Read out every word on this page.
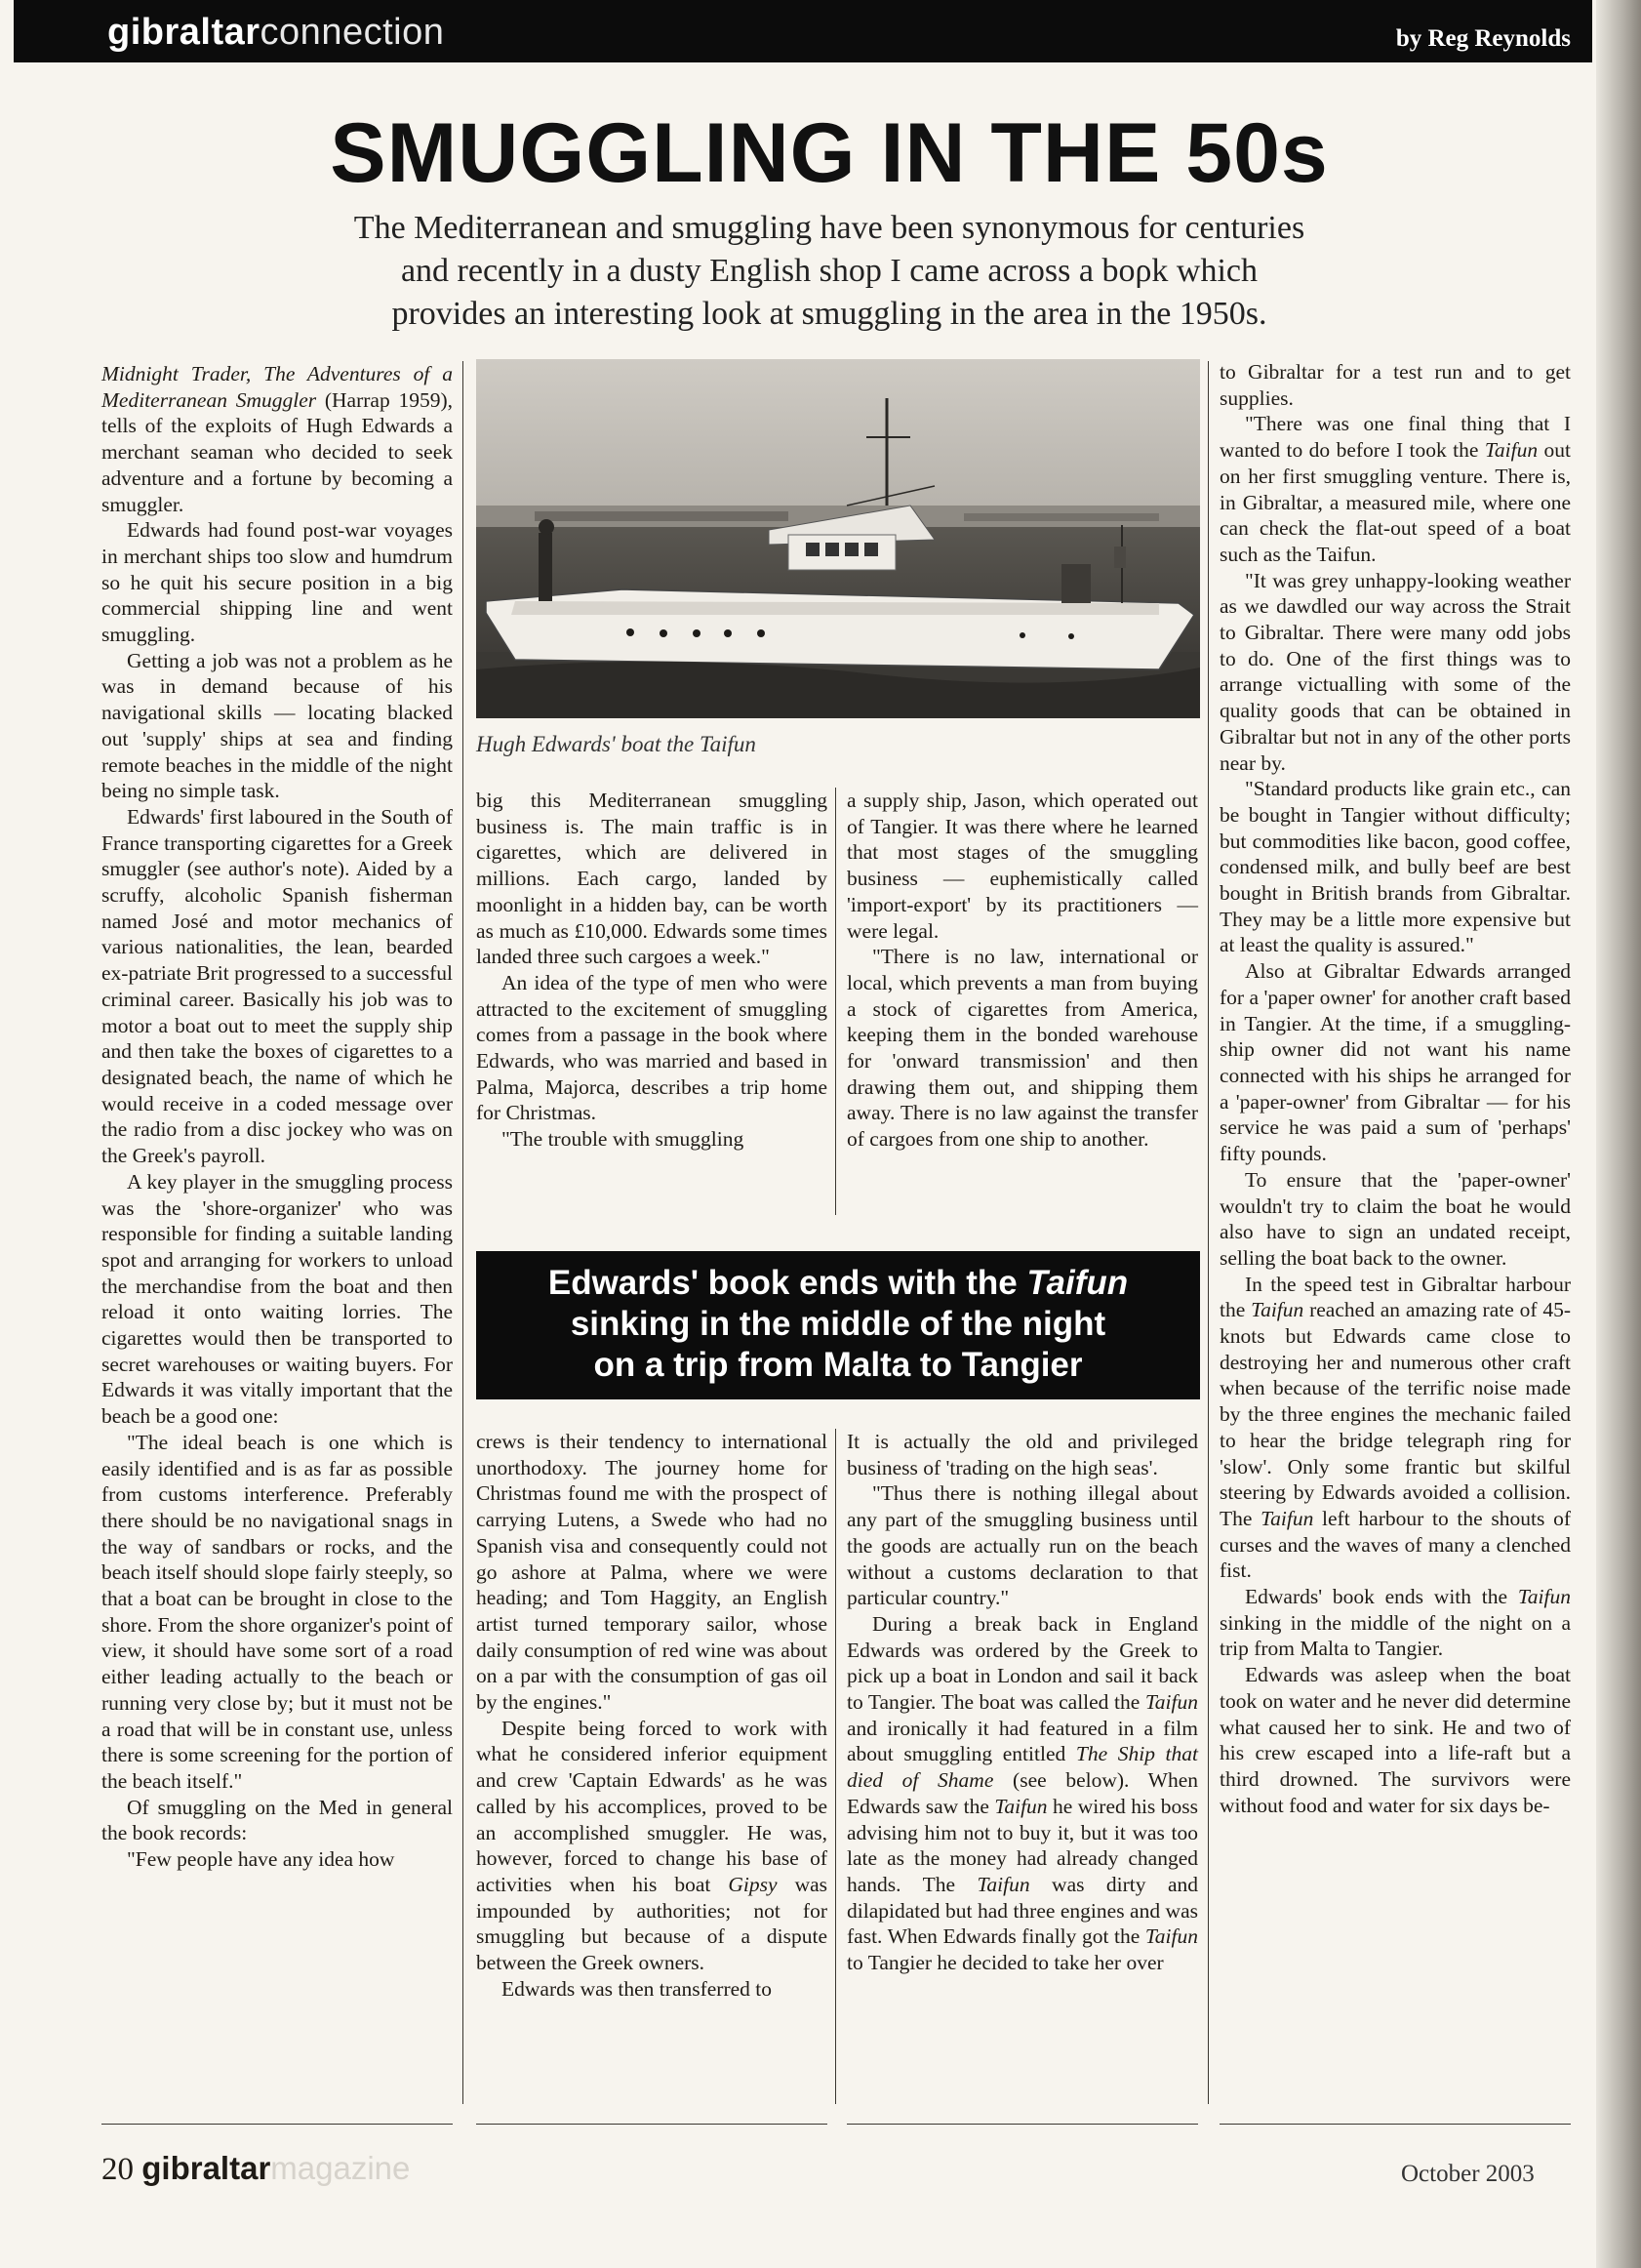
gibraltarconnection	by Reg Reynolds
SMUGGLING IN THE 50s
The Mediterranean and smuggling have been synonymous for centuries
and recently in a dusty English shop I came across a boρk which
provides an interesting look at smuggling in the area in the 1950s.

Midnight Trader, The Adventures of a Mediterranean Smuggler (Harrap 1959), tells of the exploits of Hugh Edwards a merchant seaman who decided to seek adventure and a fortune by becoming a smuggler.

Edwards had found post-war voyages in merchant ships too slow and humdrum so he quit his secure position in a big commercial shipping line and went smuggling.

Getting a job was not a problem as he was in demand because of his navigational skills — locating blacked out 'supply' ships at sea and finding remote beaches in the middle of the night being no simple task.

Edwards' first laboured in the South of France transporting cigarettes for a Greek smuggler (see author's note). Aided by a scruffy, alcoholic Spanish fisherman named José and motor mechanics of various nationalities, the lean, bearded ex-patriate Brit progressed to a successful criminal career. Basically his job was to motor a boat out to meet the supply ship and then take the boxes of cigarettes to a designated beach, the name of which he would receive in a coded message over the radio from a disc jockey who was on the Greek's payroll.

A key player in the smuggling process was the 'shore-organizer' who was responsible for finding a suitable landing spot and arranging for workers to unload the merchandise from the boat and then reload it onto waiting lorries. The cigarettes would then be transported to secret warehouses or waiting buyers. For Edwards it was vitally important that the beach be a good one:

"The ideal beach is one which is easily identified and is as far as possible from customs interference. Preferably there should be no navigational snags in the way of sandbars or rocks, and the beach itself should slope fairly steeply, so that a boat can be brought in close to the shore. From the shore organizer's point of view, it should have some sort of a road either leading actually to the beach or running very close by; but it must not be a road that will be in constant use, unless there is some screening for the portion of the beach itself."

Of smuggling on the Med in general the book records:

"Few people have any idea how

Hugh Edwards' boat the Taifun

big this Mediterranean smuggling business is. The main traffic is in cigarettes, which are delivered in millions. Each cargo, landed by moonlight in a hidden bay, can be worth as much as £10,000. Edwards some times landed three such cargoes a week."

An idea of the type of men who were attracted to the excitement of smuggling comes from a passage in the book where Edwards, who was married and based in Palma, Majorca, describes a trip home for Christmas.

"The trouble with smuggling

a supply ship, Jason, which operated out of Tangier. It was there where he learned that most stages of the smuggling business — euphemistically called 'import-export' by its practitioners — were legal.

"There is no law, international or local, which prevents a man from buying a stock of cigarettes from America, keeping them in the bonded warehouse for 'onward transmission' and then drawing them out, and shipping them away. There is no law against the transfer of cargoes from one ship to another.

Edwards' book ends with the Taifun
sinking in the middle of the night
on a trip from Malta to Tangier

crews is their tendency to international unorthodoxy. The journey home for Christmas found me with the prospect of carrying Lutens, a Swede who had no Spanish visa and consequently could not go ashore at Palma, where we were heading; and Tom Haggity, an English artist turned temporary sailor, whose daily consumption of red wine was about on a par with the consumption of gas oil by the engines."

Despite being forced to work with what he considered inferior equipment and crew 'Captain Edwards' as he was called by his accomplices, proved to be an accomplished smuggler. He was, however, forced to change his base of activities when his boat Gipsy was impounded by authorities; not for smuggling but because of a dispute between the Greek owners.

Edwards was then transferred to

It is actually the old and privileged business of 'trading on the high seas'.

"Thus there is nothing illegal about any part of the smuggling business until the goods are actually run on the beach without a customs declaration to that particular country."

During a break back in England Edwards was ordered by the Greek to pick up a boat in London and sail it back to Tangier. The boat was called the Taifun and ironically it had featured in a film about smuggling entitled The Ship that died of Shame (see below). When Edwards saw the Taifun he wired his boss advising him not to buy it, but it was too late as the money had already changed hands. The Taifun was dirty and dilapidated but had three engines and was fast. When Edwards finally got the Taifun to Tangier he decided to take her over

to Gibraltar for a test run and to get supplies.

"There was one final thing that I wanted to do before I took the Taifun out on her first smuggling venture. There is, in Gibraltar, a measured mile, where one can check the flat-out speed of a boat such as the Taifun.

"It was grey unhappy-looking weather as we dawdled our way across the Strait to Gibraltar. There were many odd jobs to do. One of the first things was to arrange victualling with some of the quality goods that can be obtained in Gibraltar but not in any of the other ports near by.

"Standard products like grain etc., can be bought in Tangier without difficulty; but commodities like bacon, good coffee, condensed milk, and bully beef are best bought in British brands from Gibraltar. They may be a little more expensive but at least the quality is assured."

Also at Gibraltar Edwards arranged for a 'paper owner' for another craft based in Tangier. At the time, if a smuggling-ship owner did not want his name connected with his ships he arranged for a 'paper-owner' from Gibraltar — for his service he was paid a sum of 'perhaps' fifty pounds.

To ensure that the 'paper-owner' wouldn't try to claim the boat he would also have to sign an undated receipt, selling the boat back to the owner.

In the speed test in Gibraltar harbour the Taifun reached an amazing rate of 45-knots but Edwards came close to destroying her and numerous other craft when because of the terrific noise made by the three engines the mechanic failed to hear the bridge telegraph ring for 'slow'. Only some frantic but skilful steering by Edwards avoided a collision. The Taifun left harbour to the shouts of curses and the waves of many a clenched fist.

Edwards' book ends with the Taifun sinking in the middle of the night on a trip from Malta to Tangier.

Edwards was asleep when the boat took on water and he never did determine what caused her to sink. He and two of his crew escaped into a life-raft but a third drowned. The survivors were without food and water for six days be-

20 gibraltarmagazine	October 2003
